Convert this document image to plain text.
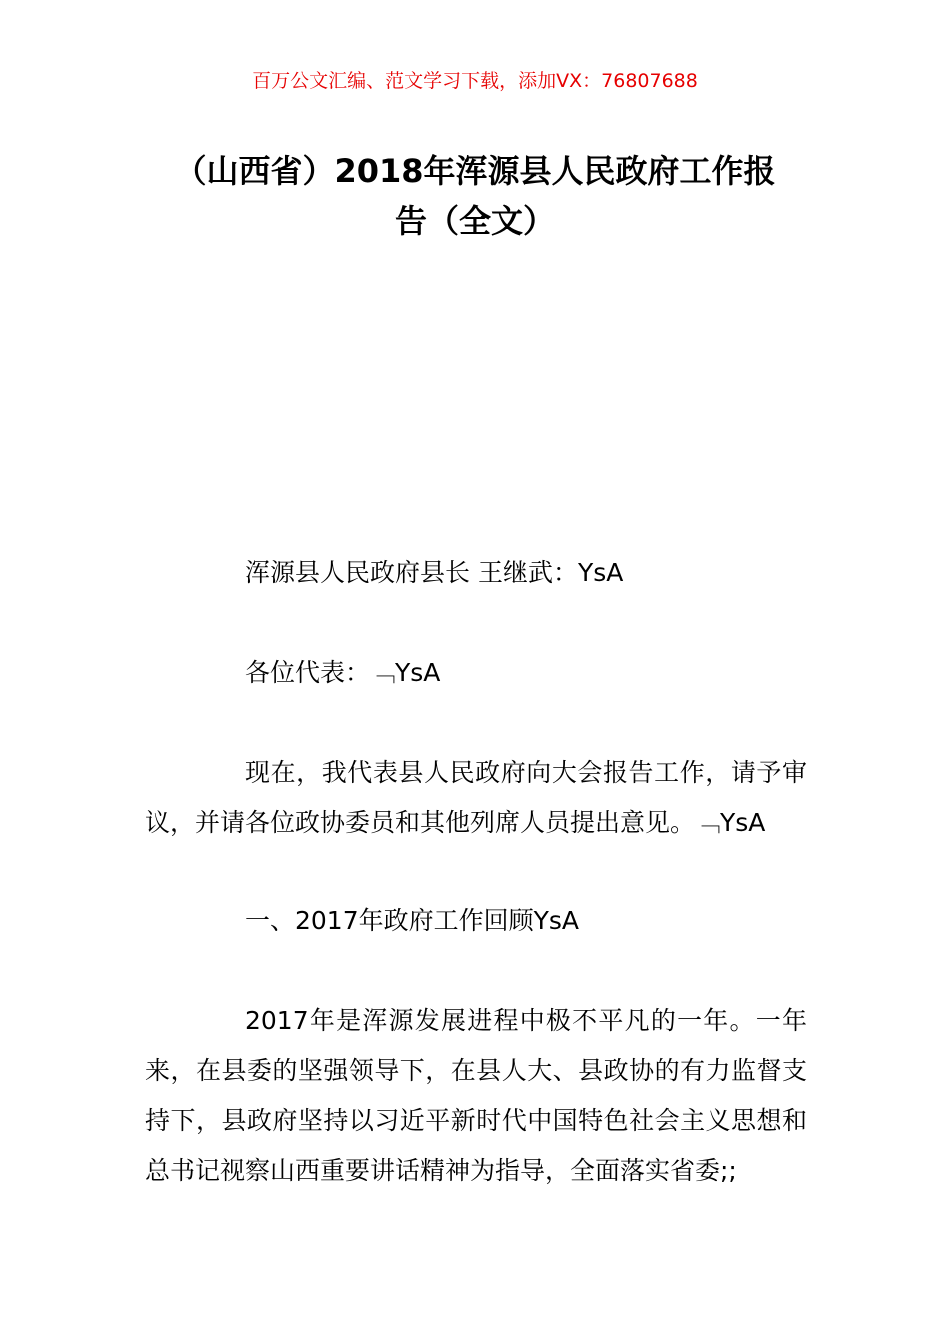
百万公文汇编、范文学习下载，添加VX：76807688
（山西省）2018年浑源县人民政府工作报
告（全文）
浑源县人民政府县长 王继武：YsA
各位代表：﹁YsA
现在，我代表县人民政府向大会报告工作，请予审议，并请各位政协委员和其他列席人员提出意见。﹁YsA
一、2017年政府工作回顾YsA
2017年是浑源发展进程中极不平凡的一年。一年来，在县委的坚强领导下，在县人大、县政协的有力监督支持下，县政府坚持以习近平新时代中国特色社会主义思想和总书记视察山西重要讲话精神为指导，全面落实省委;;
